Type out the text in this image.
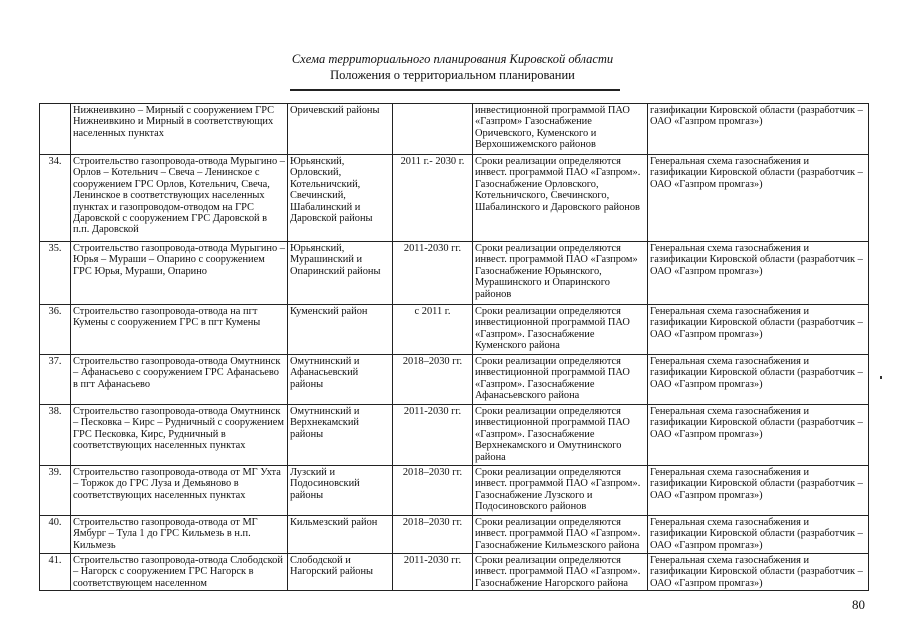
Схема территориального планирования Кировской области
Положения о территориальном планировании
	Нижнеивкино – Мирный с сооружением ГРС Нижнеивкино и Мирный в соответствующих населенных пунктах	Оричевский районы		инвестиционной программой ПАО «Газпром» Газоснабжение Оричевского, Куменского и Верхошижемского районов	газификации Кировской области (разработчик – ОАО «Газпром промгаз»)
34.	Строительство газопровода-отвода Мурыгино – Орлов – Котельнич – Свеча – Ленинское с сооружением ГРС Орлов, Котельнич, Свеча, Ленинское в соответствующих населенных пунктах и газопроводом-отводом на ГРС Даровской с сооружением ГРС Даровской в п.п. Даровской	Юрьянский, Орловский, Котельничский, Свечинский, Шабалинский и Даровской районы	2011 г.- 2030 г.	Сроки реализации определяются инвест. программой ПАО «Газпром». Газоснабжение Орловского, Котельничского, Свечинского, Шабалинского и Даровского районов	Генеральная схема газоснабжения и газификации Кировской области (разработчик – ОАО «Газпром промгаз»)
35.	Строительство газопровода-отвода Мурыгино – Юрья – Мураши – Опарино с сооружением ГРС Юрья, Мураши, Опарино	Юрьянский, Мурашинский и Опаринский районы	2011-2030 гг.	Сроки реализации определяются инвест. программой ПАО «Газпром» Газоснабжение Юрьянского, Мурашинского и Опаринского районов	Генеральная схема газоснабжения и газификации Кировской области (разработчик – ОАО «Газпром промгаз»)
36.	Строительство газопровода-отвода на пгт Кумены с сооружением ГРС в пгт Кумены	Куменский район	с 2011 г.	Сроки реализации определяются инвестиционной программой ПАО «Газпром». Газоснабжение Куменского района	Генеральная схема газоснабжения и газификации Кировской области (разработчик – ОАО «Газпром промгаз»)
37.	Строительство газопровода-отвода Омутнинск – Афанасьево с сооружением ГРС Афанасьево в пгт Афанасьево	Омутнинский и Афанасьевский районы	2018–2030 гг.	Сроки реализации определяются инвестиционной программой ПАО «Газпром». Газоснабжение Афанасьевского района	Генеральная схема газоснабжения и газификации Кировской области (разработчик – ОАО «Газпром промгаз»)
38.	Строительство газопровода-отвода Омутнинск – Песковка – Кирс – Рудничный с сооружением ГРС Песковка, Кирс, Рудничный в соответствующих населенных пунктах	Омутнинский и Верхнекамский районы	2011-2030 гг.	Сроки реализации определяются инвестиционной программой ПАО «Газпром». Газоснабжение Верхнекамского и Омутнинского района	Генеральная схема газоснабжения и газификации Кировской области (разработчик – ОАО «Газпром промгаз»)
39.	Строительство газопровода-отвода от МГ Ухта – Торжок до ГРС Луза и Демьяново в соответствующих населенных пунктах	Лузский и Подосиновский районы	2018–2030 гг.	Сроки реализации определяются инвест. программой ПАО «Газпром». Газоснабжение Лузского и Подосиновского районов	Генеральная схема газоснабжения и газификации Кировской области (разработчик – ОАО «Газпром промгаз»)
40.	Строительство газопровода-отвода от МГ Ямбург – Тула 1 до ГРС Кильмезь в н.п. Кильмезь	Кильмезский район	2018–2030 гг.	Сроки реализации определяются инвест. программой ПАО «Газпром». Газоснабжение Кильмезского района	Генеральная схема газоснабжения и газификации Кировской области (разработчик – ОАО «Газпром промгаз»)
41.	Строительство газопровода-отвода Слободской – Нагорск с сооружением ГРС Нагорск в соответствующем населенном	Слободской и Нагорский районы	2011-2030 гг.	Сроки реализации определяются инвест. программой ПАО «Газпром». Газоснабжение Нагорского района	Генеральная схема газоснабжения и газификации Кировской области (разработчик – ОАО «Газпром промгаз»)
80
